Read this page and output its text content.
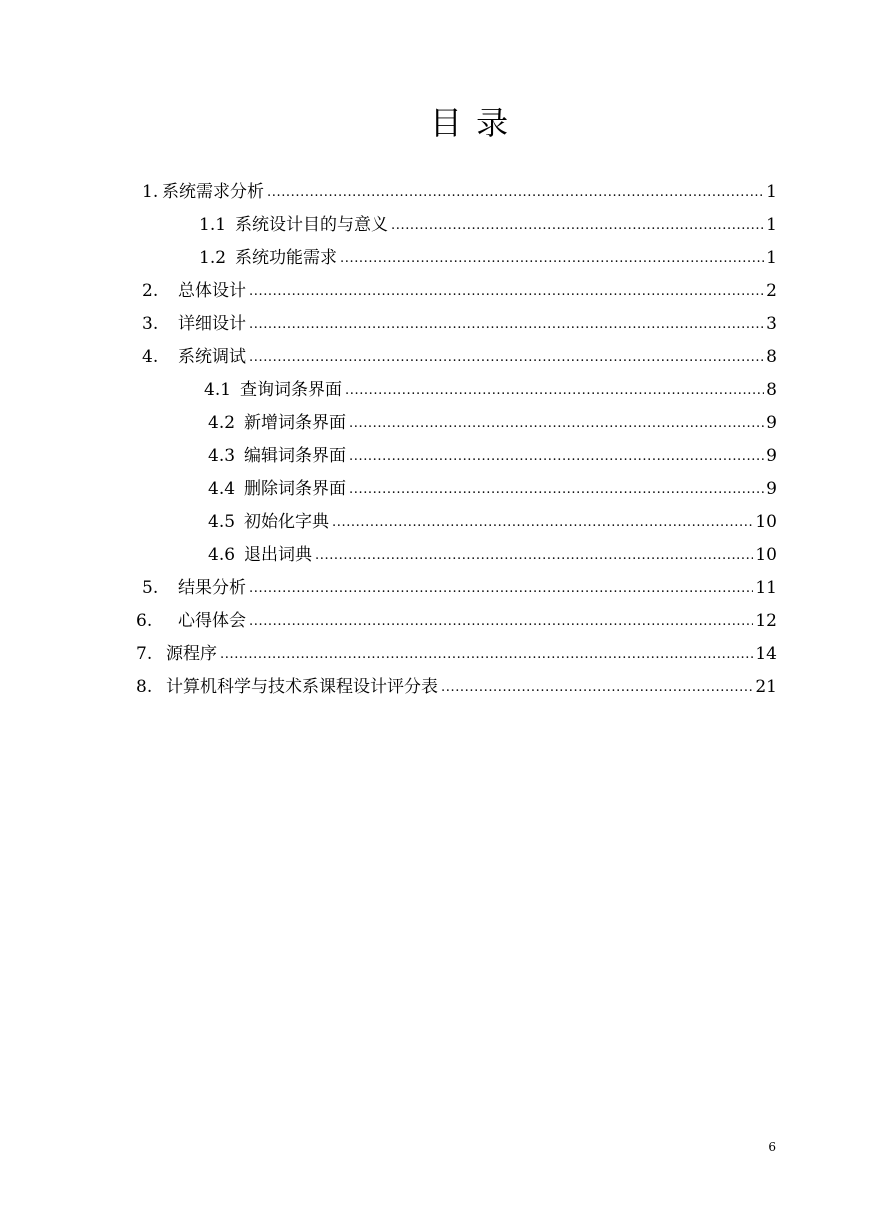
目 录
1. 系统需求分析 .....	1
1.1 系统设计目的与意义 .....	1
1.2 系统功能需求 .....	1
2.	总体设计 .....	2
3.	详细设计 .....	3
4.	系统调试 .....	8
4.1 查询词条界面 .....	8
4.2 新增词条界面 .....	9
4.3 编辑词条界面 .....	9
4.4 删除词条界面 .....	9
4.5 初始化字典 .....	10
4.6 退出词典 .....	10
5.	结果分析 .....	11
6.	心得体会 .....	12
7. 源程序 .....	14
8. 计算机科学与技术系课程设计评分表 .....	21
6
